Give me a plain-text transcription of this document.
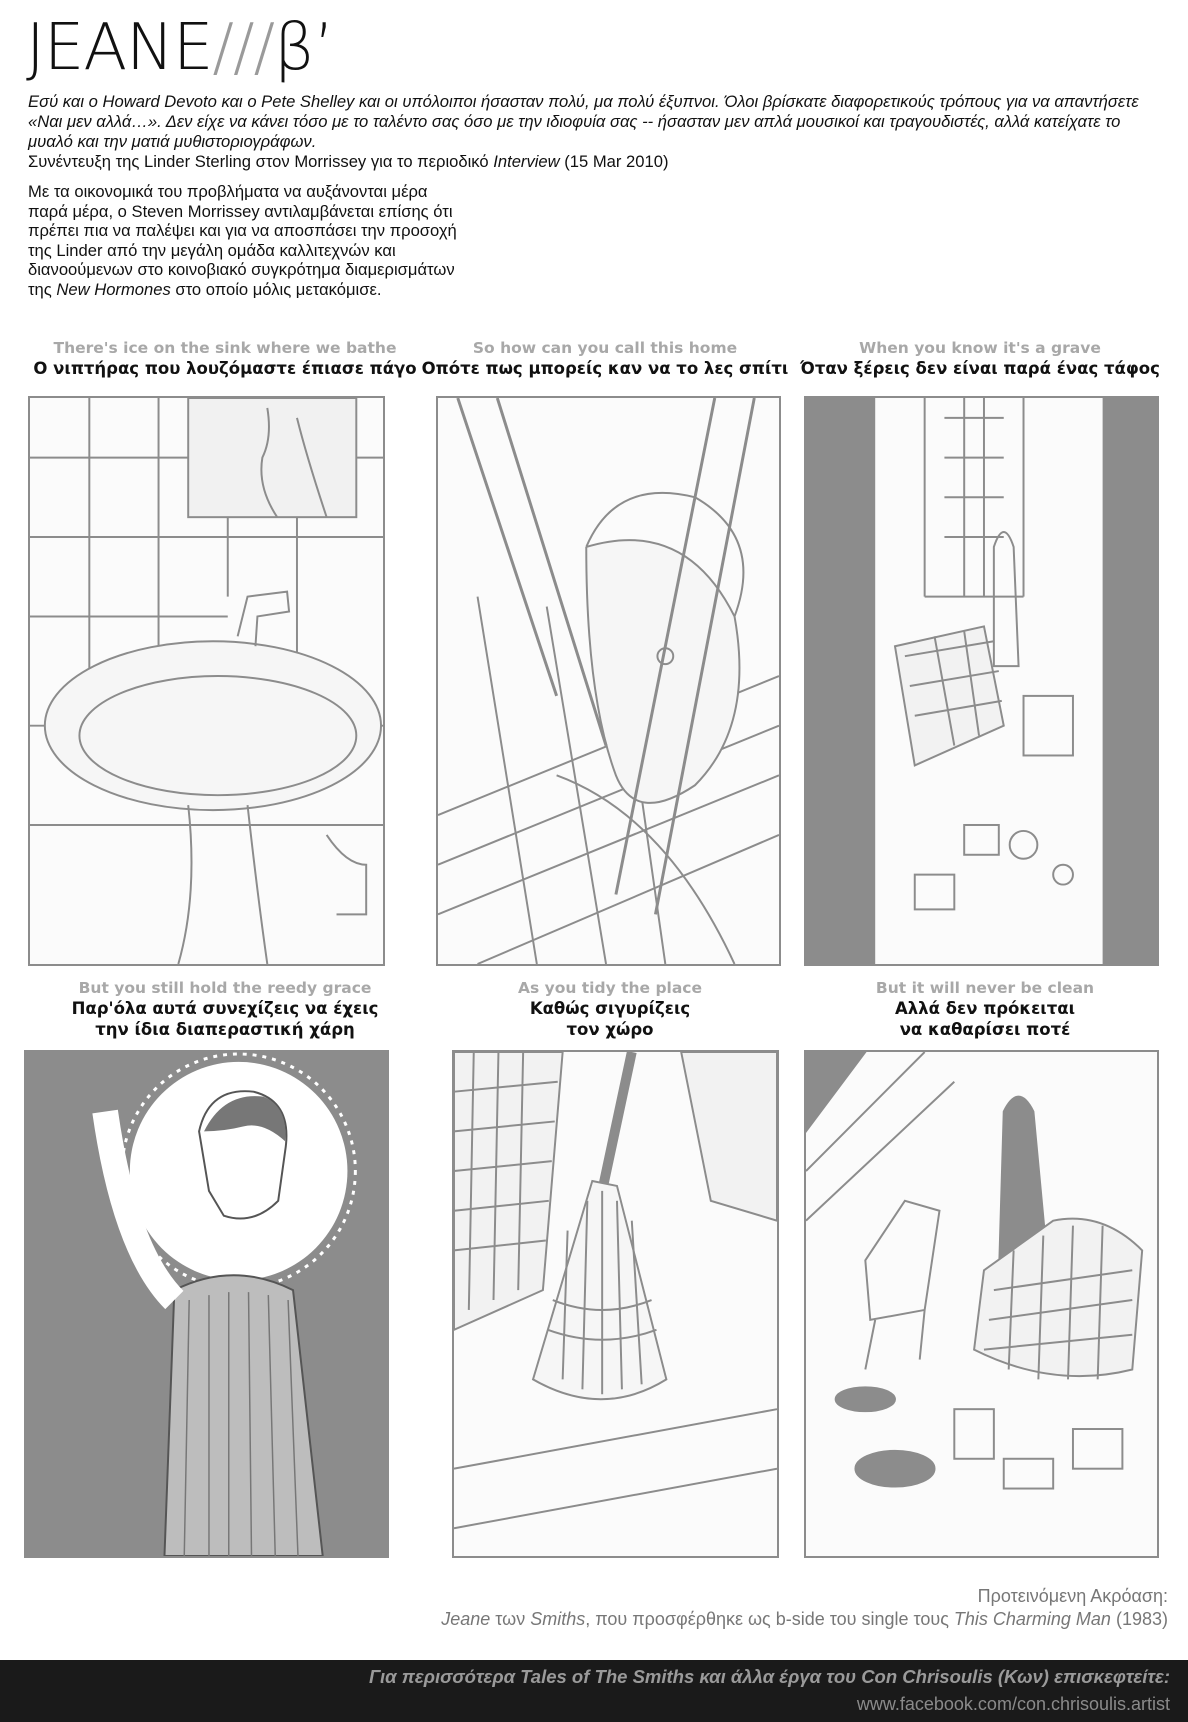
JEANE///β’
Εσύ και ο Howard Devoto και ο Pete Shelley και οι υπόλοιποι ήσασταν πολύ, μα πολύ έξυπνοι. Όλοι βρίσκατε διαφορετικούς τρόπους για να απαντήσετε «Ναι μεν αλλά…». Δεν είχε να κάνει τόσο με το ταλέντο σας όσο με την ιδιοφυία σας -- ήσασταν μεν απλά μουσικοί και τραγουδιστές, αλλά κατείχατε το μυαλό και την ματιά μυθιστοριογράφων.
Συνέντευξη της Linder Sterling στον Morrissey για το περιοδικό Interview (15 Mar 2010)
Με τα οικονομικά του προβλήματα να αυξάνονται μέρα παρά μέρα, ο Steven Morrissey αντιλαμβάνεται επίσης ότι πρέπει πια να παλέψει και για να αποσπάσει την προσοχή της Linder από την μεγάλη ομάδα καλλιτεχνών και διανοούμενων στο κοινοβιακό συγκρότημα διαμερισμάτων της New Hormones στο οποίο μόλις μετακόμισε.
There's ice on the sink where we bathe
Ο νιπτήρας που λουζόμαστε έπιασε πάγο
So how can you call this home
Οπότε πως μπορείς καν να το λες σπίτι
When you know it's a grave
Όταν ξέρεις δεν είναι παρά ένας τάφος
But you still hold the reedy grace
Παρ'όλα αυτά συνεχίζεις να έχεις
την ίδια διαπεραστική χάρη
As you tidy the place
Καθώς σιγυρίζεις
τον χώρο
But it will never be clean
Αλλά δεν πρόκειται
να καθαρίσει ποτέ
Προτεινόμενη Ακρόαση:
Jeane των Smiths, που προσφέρθηκε ως b-side του single τους This Charming Man (1983)
Για περισσότερα Tales of The Smiths και άλλα έργα του Con Chrisoulis (Κων) επισκεφτείτε:
www.facebook.com/con.chrisoulis.artist
